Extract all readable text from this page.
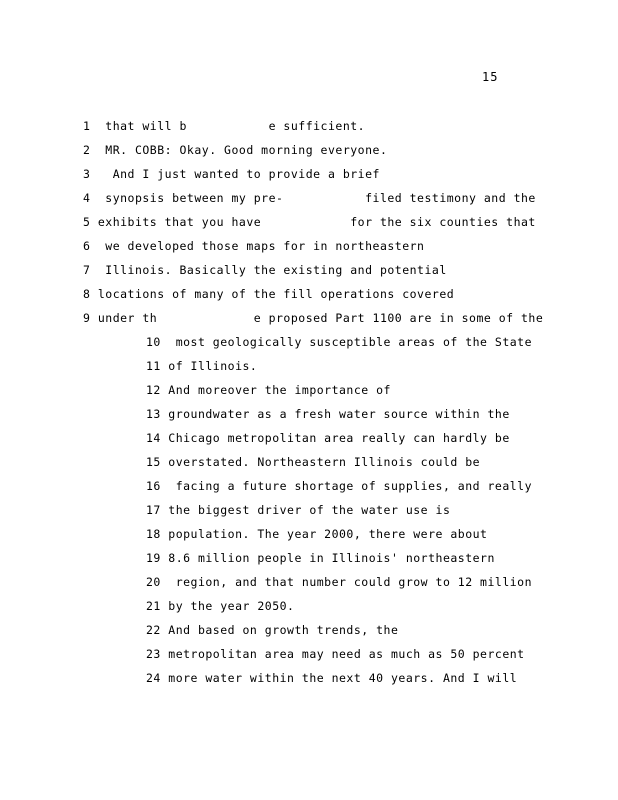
15
1  that will b           e sufficient.
2  MR. COBB: Okay. Good morning everyone.
3   And I just wanted to provide a brief
4  synopsis between my pre-           filed testimony and the
5 exhibits that you have            for the six counties that
6  we developed those maps for in northeastern
7  Illinois. Basically the existing and potential
8 locations of many of the fill operations covered
9 under th             e proposed Part 1100 are in some of the
10  most geologically susceptible areas of the State
11 of Illinois.
12 And moreover the importance of
13 groundwater as a fresh water source within the
14 Chicago metropolitan area really can hardly be
15 overstated. Northeastern Illinois could be
16  facing a future shortage of supplies, and really
17 the biggest driver of the water use is
18 population. The year 2000, there were about
19 8.6 million people in Illinois' northeastern
20  region, and that number could grow to 12 million
21 by the year 2050.
22 And based on growth trends, the
23 metropolitan area may need as much as 50 percent
24 more water within the next 40 years. And I will
